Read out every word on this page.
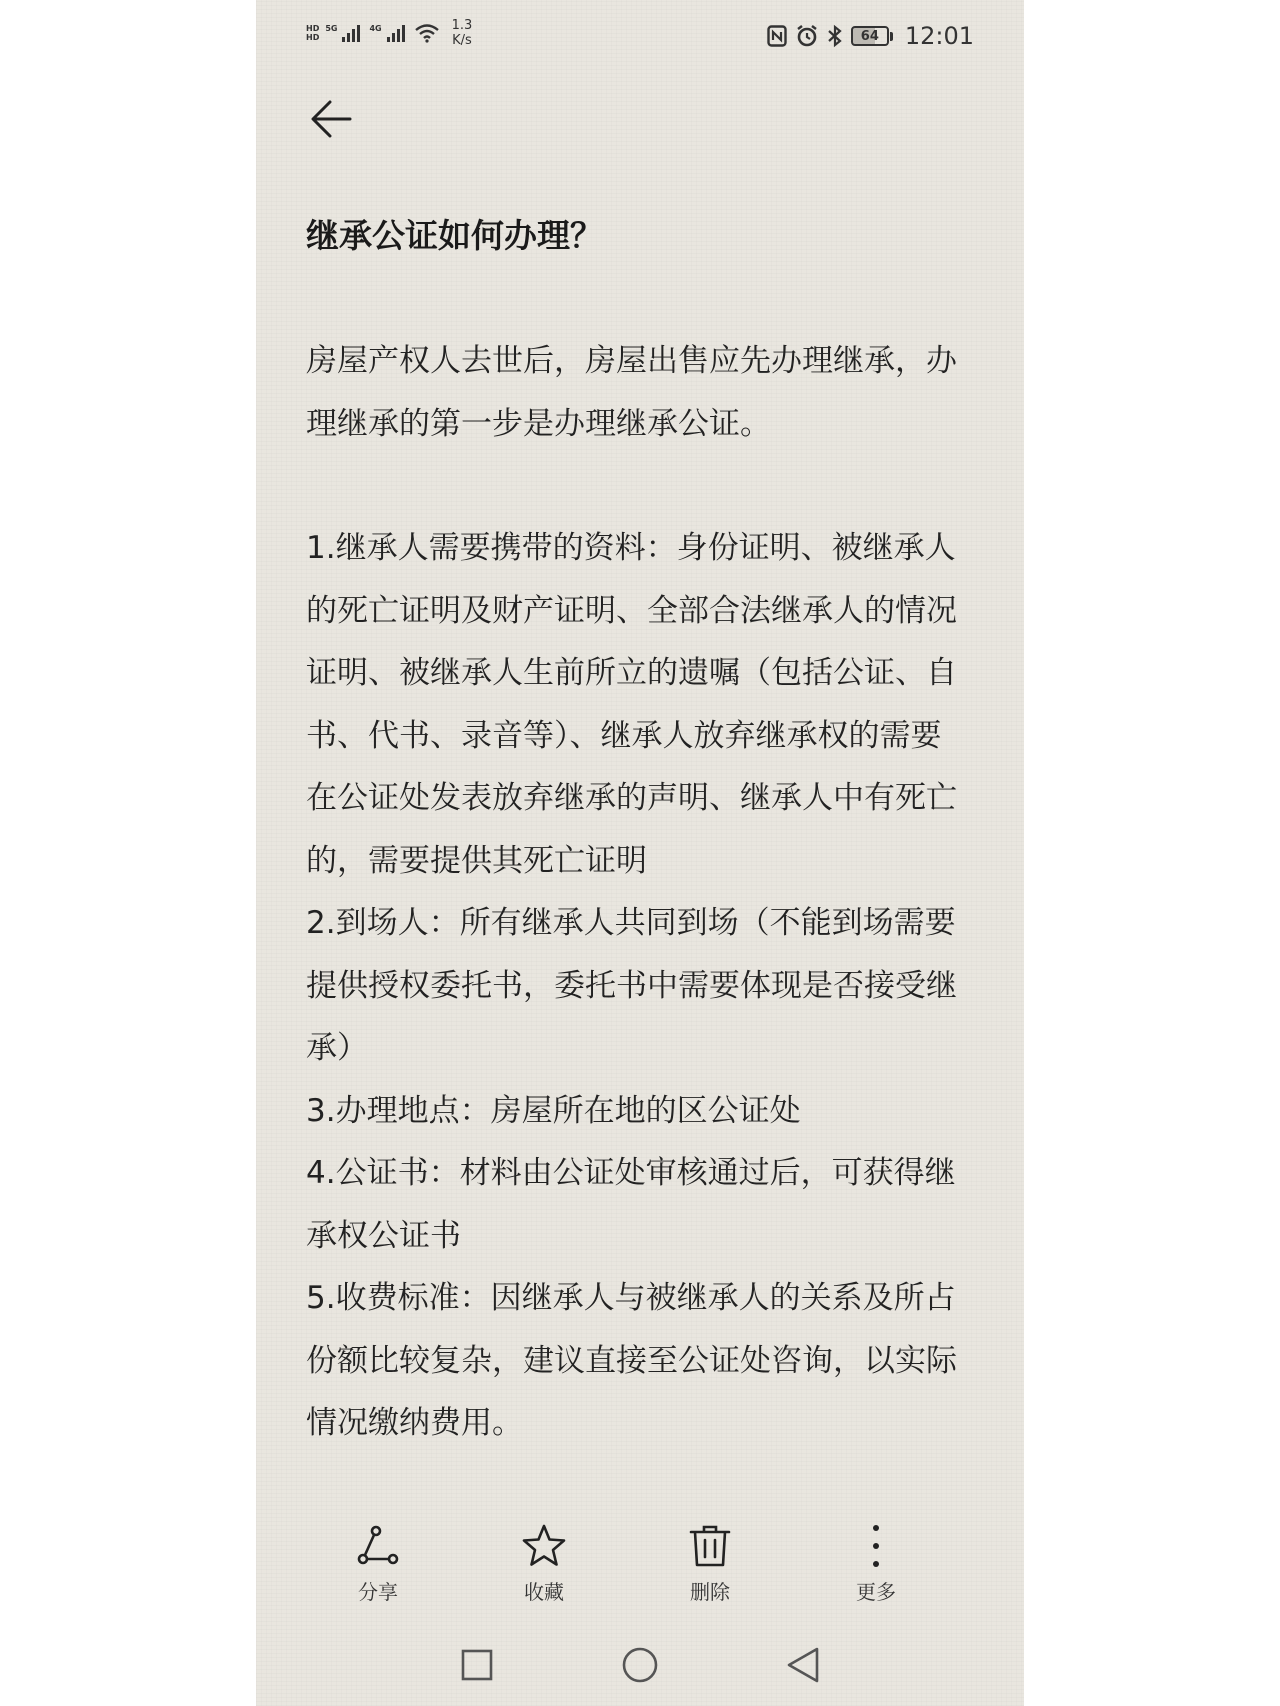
HD
HD
5G	4G	1.3
K/s	64	12:01
继承公证如何办理？

房屋产权人去世后，房屋出售应先办理继承，办理继承的第一步是办理继承公证。

1.继承人需要携带的资料：身份证明、被继承人的死亡证明及财产证明、全部合法继承人的情况证明、被继承人生前所立的遗嘱（包括公证、自书、代书、录音等）、继承人放弃继承权的需要在公证处发表放弃继承的声明、继承人中有死亡的，需要提供其死亡证明

2.到场人：所有继承人共同到场（不能到场需要提供授权委托书，委托书中需要体现是否接受继承）

3.办理地点：房屋所在地的区公证处

4.公证书：材料由公证处审核通过后，可获得继承权公证书

5.收费标准：因继承人与被继承人的关系及所占份额比较复杂，建议直接至公证处咨询，以实际情况缴纳费用。

分享	收藏	删除	更多
